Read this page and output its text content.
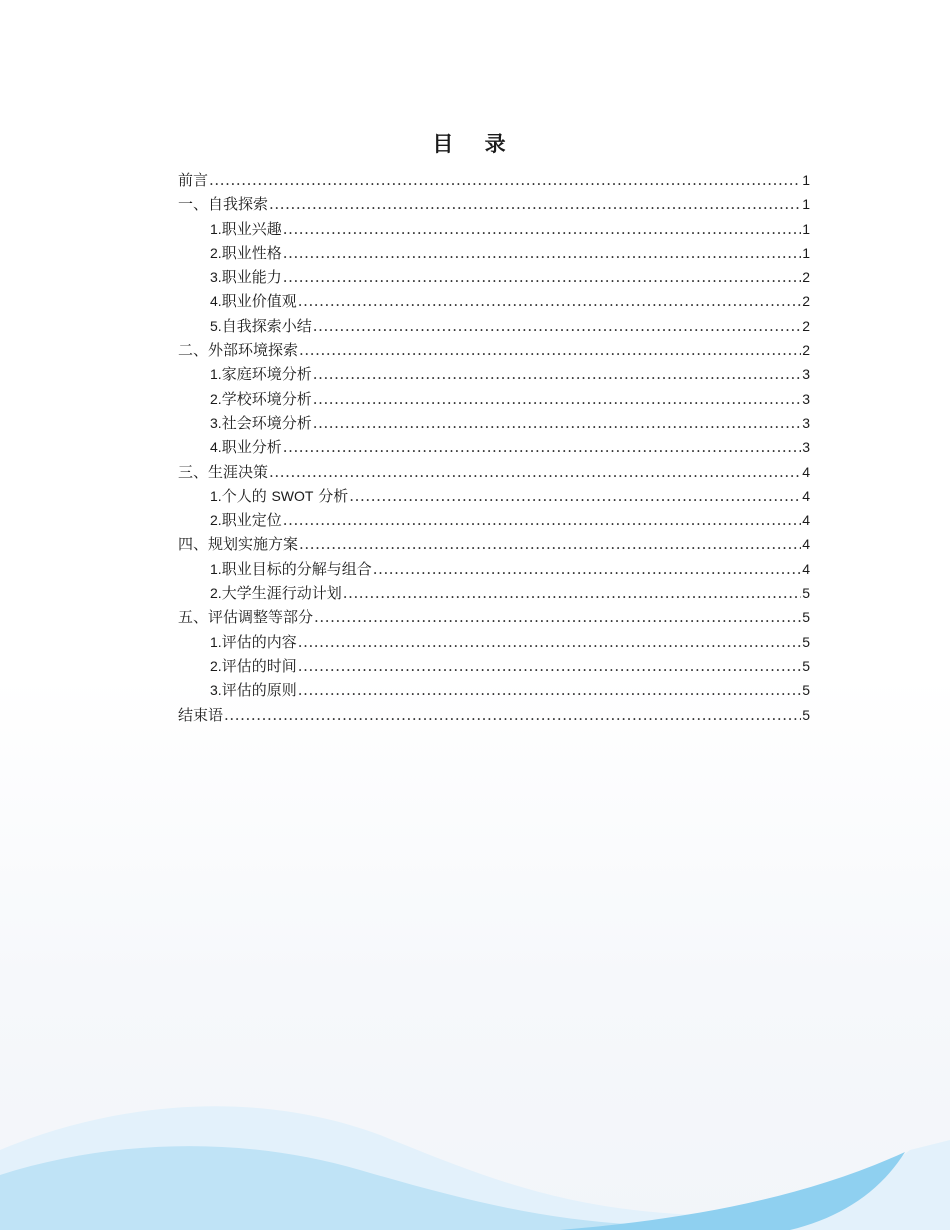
目 录
前言 .....	1
一、自我探索 .....	1
1.职业兴趣 .....	1
2.职业性格 .....	1
3.职业能力 .....	2
4.职业价值观 .....	2
5.自我探索小结 .....	2
二、外部环境探索 .....	2
1.家庭环境分析 .....	3
2.学校环境分析 .....	3
3.社会环境分析 .....	3
4.职业分析 .....	3
三、生涯决策 .....	4
1.个人的 SWOT 分析 .....	4
2.职业定位 .....	4
四、规划实施方案 .....	4
1.职业目标的分解与组合 .....	4
2.大学生涯行动计划 .....	5
五、评估调整等部分 .....	5
1.评估的内容 .....	5
2.评估的时间 .....	5
3.评估的原则 .....	5
结束语 .....	5
